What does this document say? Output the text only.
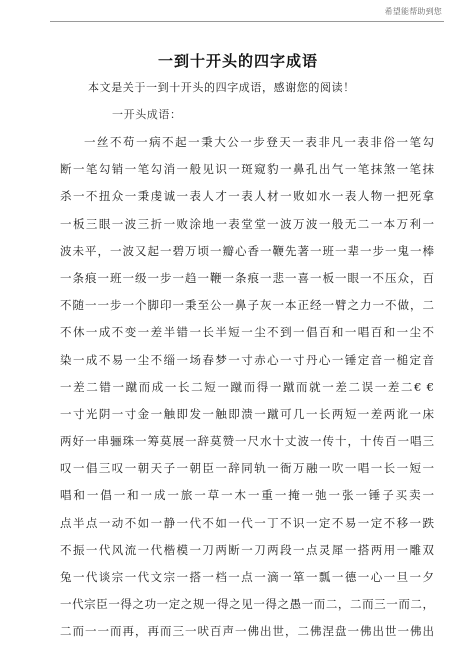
希望能帮助到您
一到十开头的四字成语

本文是关于一到十开头的四字成语，感谢您的阅读！

一开头成语：

一丝不苟一病不起一秉大公一步登天一表非凡一表非俗一笔勾
断一笔勾销一笔勾消一般见识一斑窥豹一鼻孔出气一笔抹煞一笔抹
杀一不扭众一秉虔诚一表人才一表人材一败如水一表人物一把死拿
一板三眼一波三折一败涂地一表堂堂一波万波一般无二一本万利一
波未平，一波又起一碧万顷一瓣心香一鞭先著一班一辈一步一鬼一棒
一条痕一班一级一步一趋一鞭一条痕一悲一喜一板一眼一不压众，百
不随一一步一个脚印一秉至公一鼻子灰一本正经一臂之力一不做，二
不休一成不变一差半错一长半短一尘不到一倡百和一唱百和一尘不
染一成不易一尘不缁一场春梦一寸赤心一寸丹心一锤定音一槌定音
一差二错一蹴而成一长二短一蹴而得一蹴而就一差二误一差二€ €
一寸光阴一寸金一触即发一触即溃一蹴可几一长两短一差两讹一床
两好一串骊珠一筹莫展一辞莫赞一尺水十丈波一传十，十传百一唱三
叹一倡三叹一朝天子一朝臣一辞同轨一衙万融一吹一唱一长一短一
唱和一倡一和一成一旅一草一木一重一掩一弛一张一锤子买卖一
点半点一动不如一静一代不如一代一丁不识一定不易一定不移一跌
不振一代风流一代楷模一刀两断一刀两段一点灵犀一搭两用一雕双
兔一代谈宗一代文宗一搭一档一点一滴一箪一瓢一德一心一旦一夕
一代宗臣一得之功一定之规一得之见一得之愚一而二，二而三一而二，
二而一一而再，再而三一吠百声一佛出世，二佛涅盘一佛出世一佛出
